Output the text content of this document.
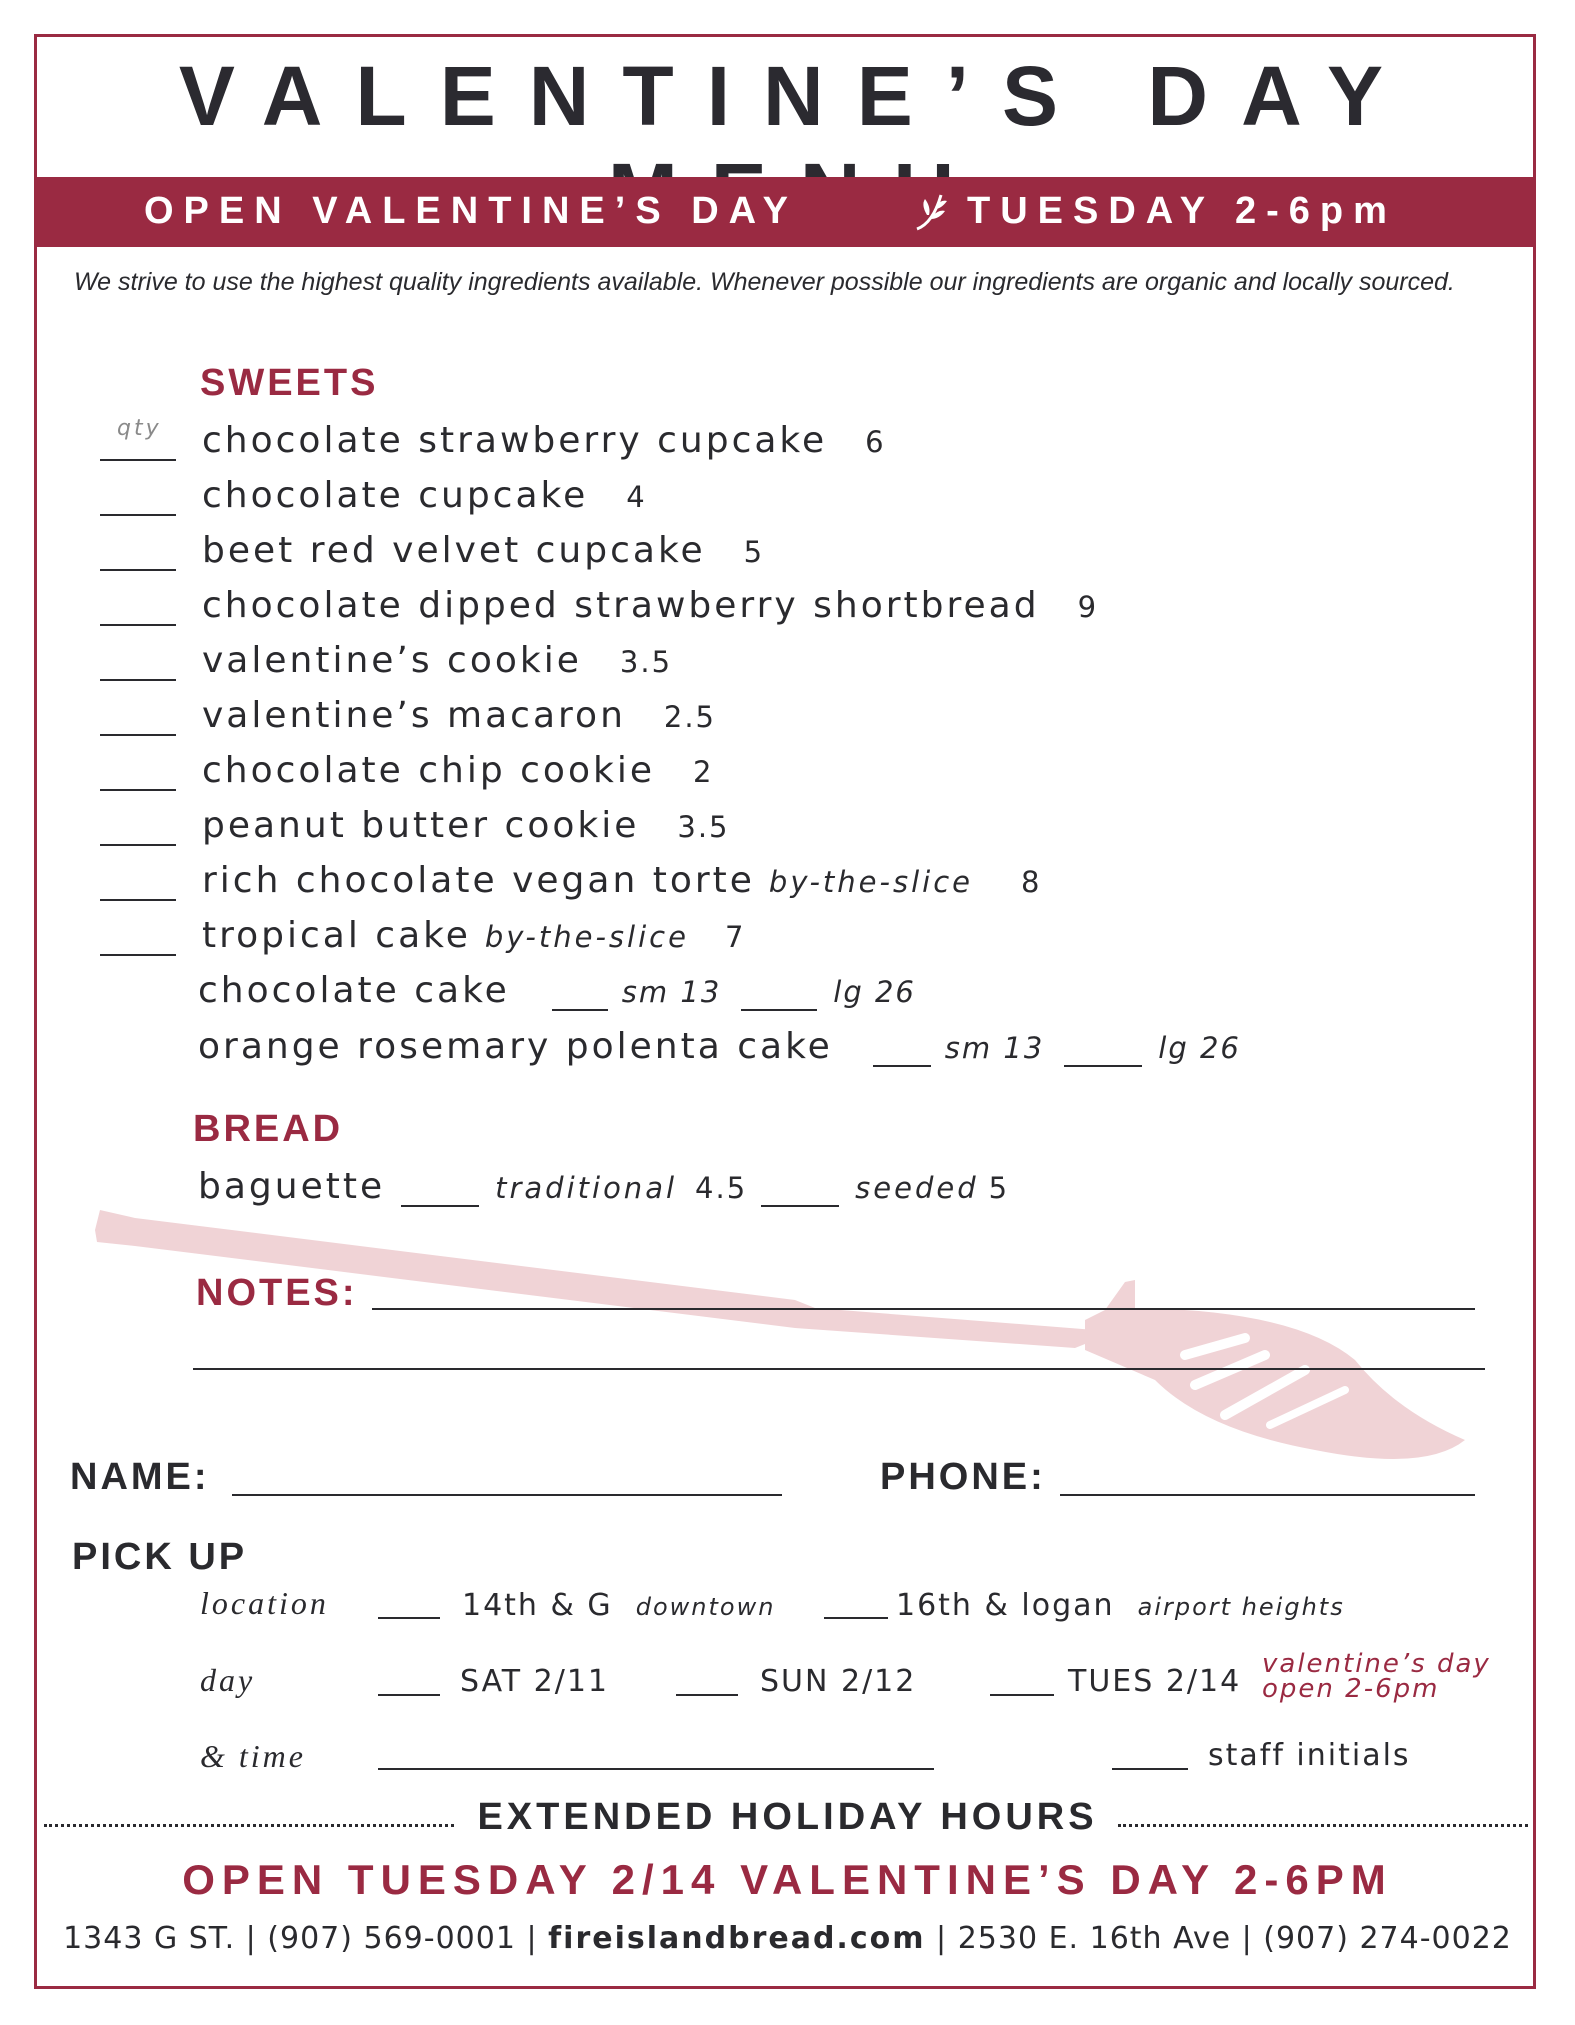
VALENTINE’S DAY
OPEN VALENTINE’S DAY	TUESDAY 2-6pm
We strive to use the highest quality ingredients available. Whenever possible our ingredients are organic and locally sourced.
SWEETS
qty	chocolate strawberry cupcake 6
chocolate cupcake 4
beet red velvet cupcake 5
chocolate dipped strawberry shortbread 9
valentine’s cookie 3.5
valentine’s macaron 2.5
chocolate chip cookie 2
peanut butter cookie 3.5
rich chocolate vegan torte by-the-slice 8
tropical cake by-the-slice 7
chocolate cake	sm 13	lg 26
orange rosemary polenta cake	sm 13	lg 26
BREAD
baguette	traditional 4.5	seeded 5
NOTES:
NAME:	PHONE:
PICK UP
location	14th & G downtown	16th & logan airport heights
day	SAT 2/11	SUN 2/12	TUES 2/14 valentine’s day
open 2-6pm
& time	staff initials
EXTENDED HOLIDAY HOURS
OPEN TUESDAY 2/14 VALENTINE’S DAY 2-6PM
1343 G ST. | (907) 569-0001 | fireislandbread.com | 2530 E. 16th Ave | (907) 274-0022
